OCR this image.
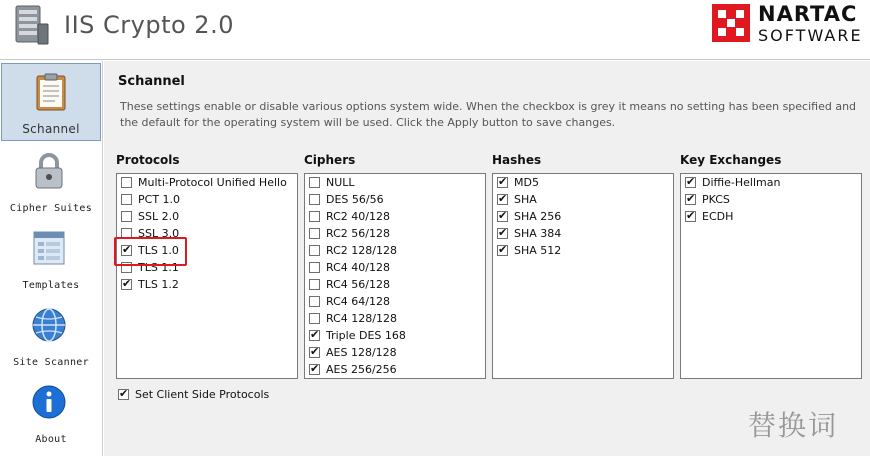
IIS Crypto 2.0	NARTAC
SOFTWARE
Schannel
Cipher Suites
Templates
Site Scanner
About
Schannel
These settings enable or disable various options system wide. When the checkbox is grey it means no setting has been specified and the default for the operating system will be used. Click the Apply button to save changes.
Protocols
Multi-Protocol Unified Hello
PCT 1.0
SSL 2.0
SSL 3.0
✔
TLS 1.0
TLS 1.1
✔
TLS 1.2
Ciphers
NULL
DES 56/56
RC2 40/128
RC2 56/128
RC2 128/128
RC4 40/128
RC4 56/128
RC4 64/128
RC4 128/128
✔
Triple DES 168
✔
AES 128/128
✔
AES 256/256
Hashes
✔
MD5
✔
SHA
✔
SHA 256
✔
SHA 384
✔
SHA 512
Key Exchanges
✔
Diffie-Hellman
✔
PKCS
✔
ECDH
✔
Set Client Side Protocols
替换词
